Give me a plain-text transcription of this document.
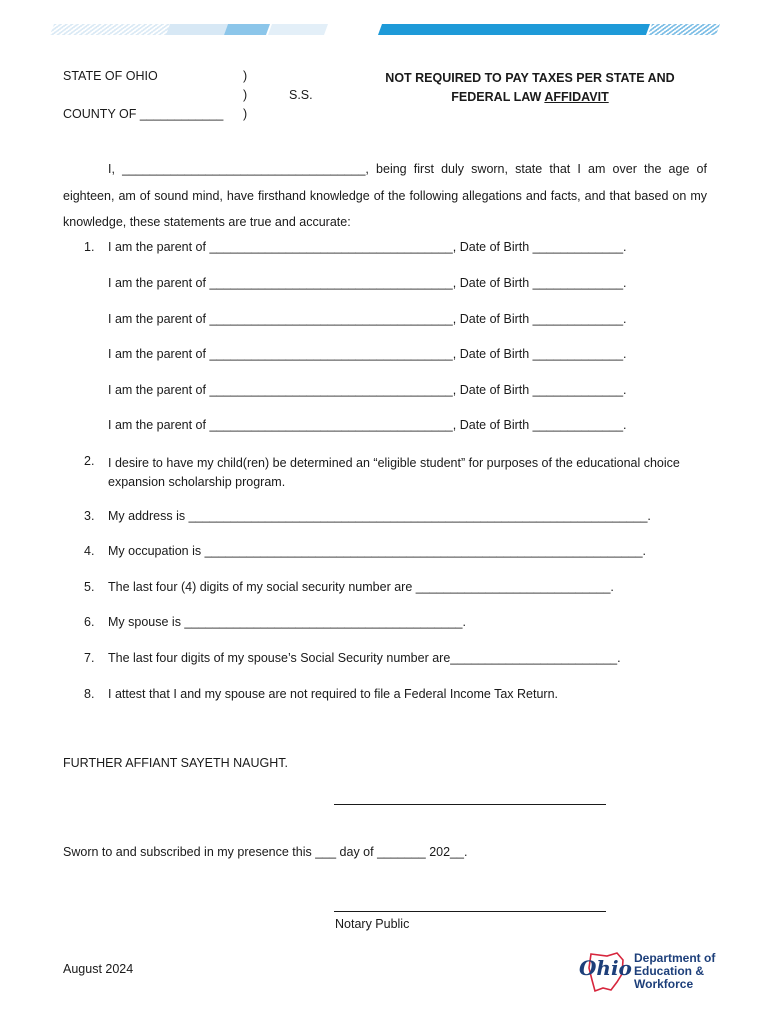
STATE OF OHIO
COUNTY OF ____________
)
)
)
S.S.
NOT REQUIRED TO PAY TAXES PER STATE AND
FEDERAL LAW AFFIDAVIT
I, ___________________________________, being first duly sworn, state that I am over the age of
eighteen, am of sound mind, have firsthand knowledge of the following allegations and facts, and that based on my knowledge, these statements are true and accurate:
1. I am the parent of ___________________________________, Date of Birth _____________.
I am the parent of ___________________________________, Date of Birth _____________.
I am the parent of ___________________________________, Date of Birth _____________.
I am the parent of ___________________________________, Date of Birth _____________.
I am the parent of ___________________________________, Date of Birth _____________.
I am the parent of ___________________________________, Date of Birth _____________.
2. I desire to have my child(ren) be determined an “eligible student” for purposes of the educational choice expansion scholarship program.
3. My address is __________________________________________________________________.
4. My occupation is _______________________________________________________________.
5. The last four (4) digits of my social security number are ____________________________.
6. My spouse is ________________________________________.
7. The last four digits of my spouse’s Social Security number are________________________.
8. I attest that I and my spouse are not required to file a Federal Income Tax Return.
FURTHER AFFIANT SAYETH NAUGHT.
Sworn to and subscribed in my presence this ___ day of _______ 202__.
Notary Public
August 2024	Ohio Department of
Education &
Workforce
